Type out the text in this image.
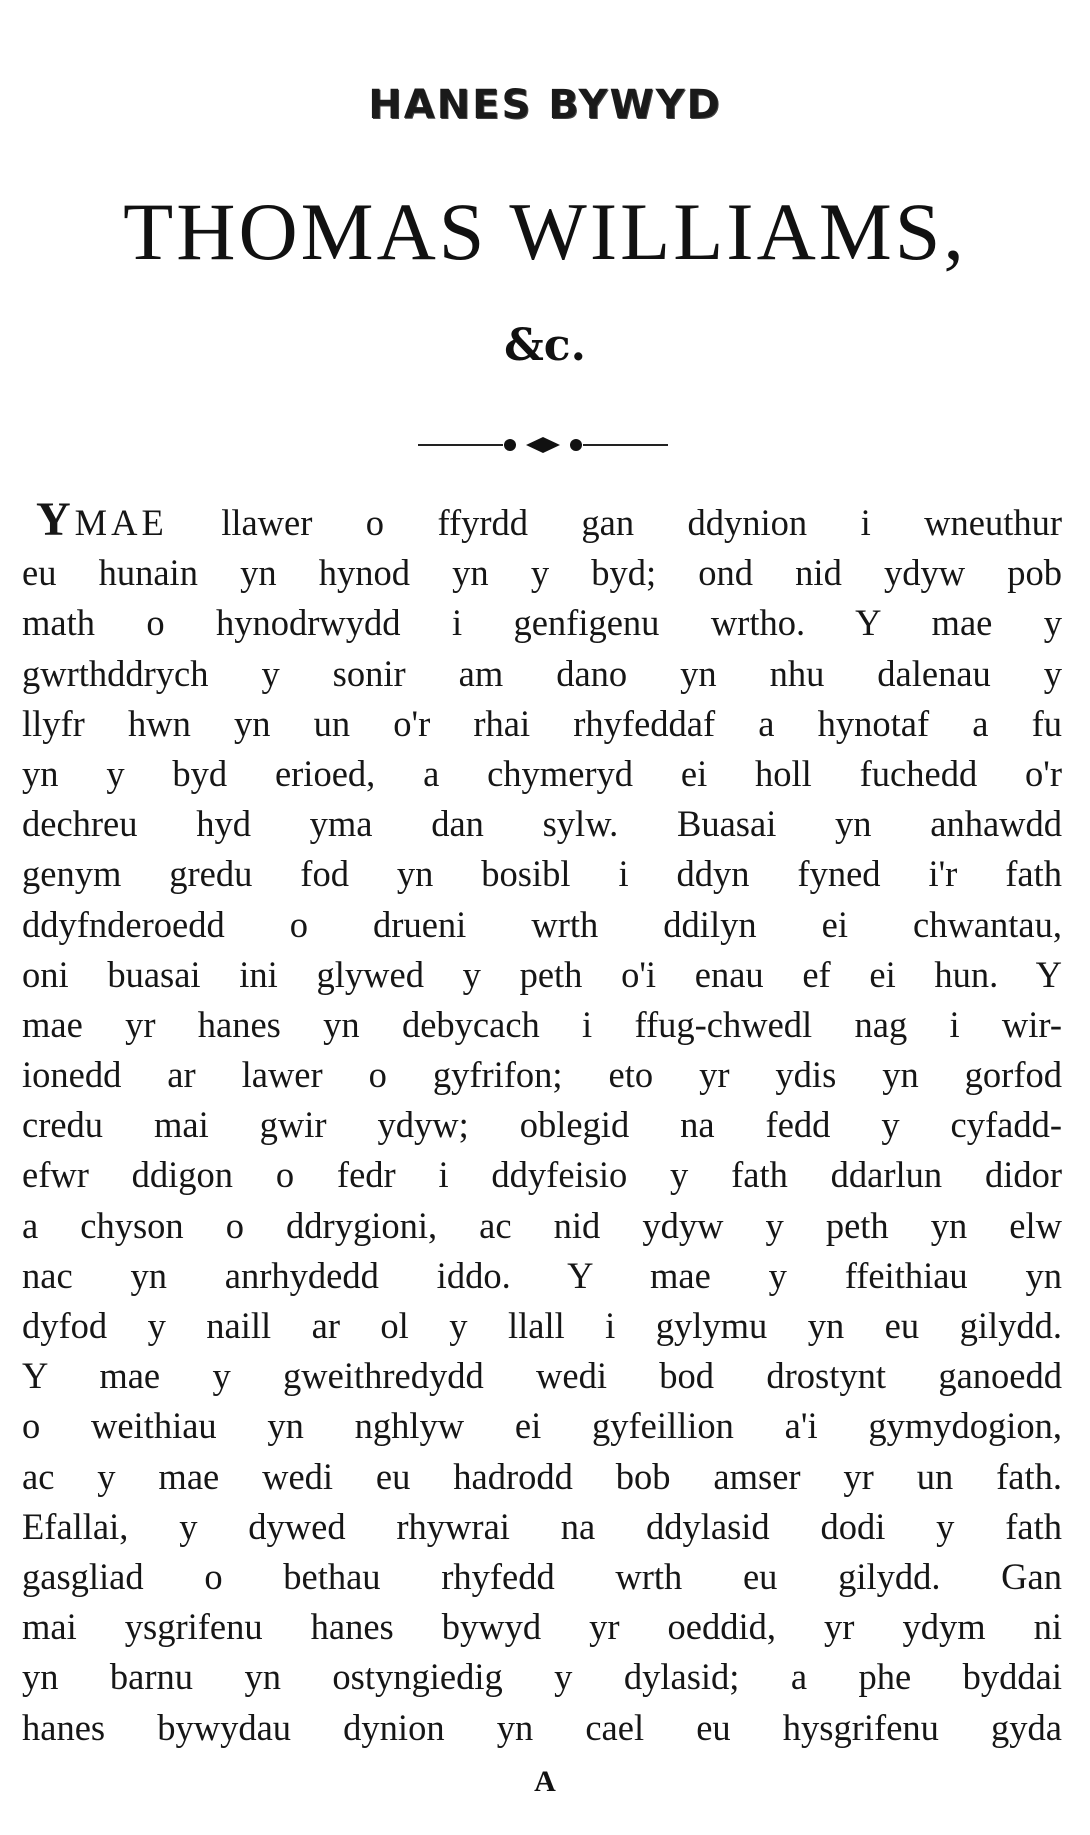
HANES BYWYD
THOMAS WILLIAMS,
&c.
Y MAE llawer o ffyrdd gan ddynion i wneuthur
eu hunain yn hynod yn y byd; ond nid ydyw pob
math o hynodrwydd i genfigenu wrtho. Y mae y
gwrthddrych y sonir am dano yn nhu dalenau y
llyfr hwn yn un o'r rhai rhyfeddaf a hynotaf a fu
yn y byd erioed, a chymeryd ei holl fuchedd o'r
dechreu hyd yma dan sylw. Buasai yn anhawdd
genym gredu fod yn bosibl i ddyn fyned i'r fath
ddyfnderoedd o drueni wrth ddilyn ei chwantau,
oni buasai ini glywed y peth o'i enau ef ei hun. Y
mae yr hanes yn debycach i ffug-chwedl nag i wir-
ionedd ar lawer o gyfrifon; eto yr ydis yn gorfod
credu mai gwir ydyw; oblegid na fedd y cyfadd-
efwr ddigon o fedr i ddyfeisio y fath ddarlun didor
a chyson o ddrygioni, ac nid ydyw y peth yn elw
nac yn anrhydedd iddo. Y mae y ffeithiau yn
dyfod y naill ar ol y llall i gylymu yn eu gilydd.
Y mae y gweithredydd wedi bod drostynt ganoedd
o weithiau yn nghlyw ei gyfeillion a'i gymydogion,
ac y mae wedi eu hadrodd bob amser yr un fath.
Efallai, y dywed rhywrai na ddylasid dodi y fath
gasgliad o bethau rhyfedd wrth eu gilydd. Gan
mai ysgrifenu hanes bywyd yr oeddid, yr ydym ni
yn barnu yn ostyngiedig y dylasid; a phe byddai
hanes bywydau dynion yn cael eu hysgrifenu gyda
A
